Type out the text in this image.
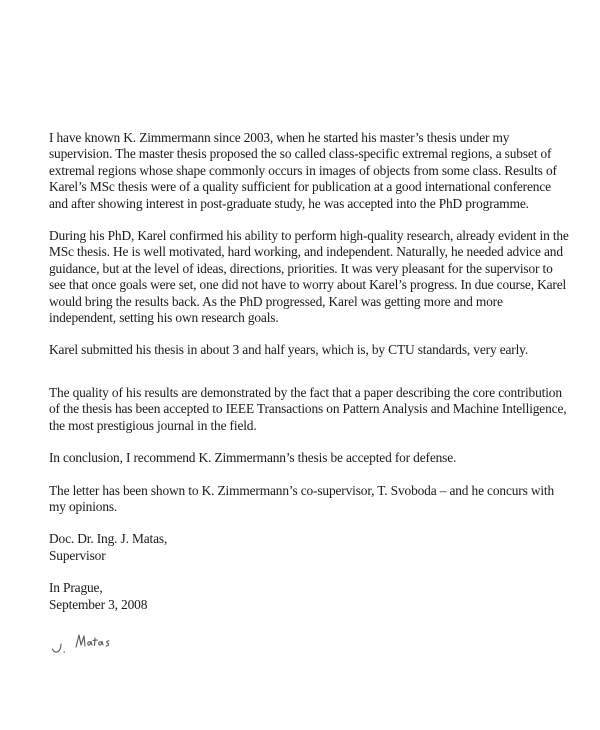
I have known K. Zimmermann since 2003, when he started his master’s thesis under my
supervision. The master thesis proposed the so called class-specific extremal regions, a subset of
extremal regions whose shape commonly occurs in images of objects from some class. Results of
Karel’s MSc thesis were of a quality sufficient for publication at a good international conference
and after showing interest in post-graduate study, he was accepted into the PhD programme.

During his PhD, Karel confirmed his ability to perform high-quality research, already evident in the
MSc thesis. He is well motivated, hard working, and independent. Naturally, he needed advice and
guidance, but at the level of ideas, directions, priorities. It was very pleasant for the supervisor to
see that once goals were set, one did not have to worry about Karel’s progress. In due course, Karel
would bring the results back. As the PhD progressed, Karel was getting more and more
independent, setting his own research goals.

Karel submitted his thesis in about 3 and half years, which is, by CTU standards, very early.

The quality of his results are demonstrated by the fact that a paper describing the core contribution
of the thesis has been accepted to IEEE Transactions on Pattern Analysis and Machine Intelligence,
the most prestigious journal in the field.

In conclusion, I recommend K. Zimmermann’s thesis be accepted for defense.

The letter has been shown to K. Zimmermann’s co-supervisor, T. Svoboda – and he concurs with
my opinions.

Doc. Dr. Ing. J. Matas,
Supervisor

In Prague,
September 3, 2008
